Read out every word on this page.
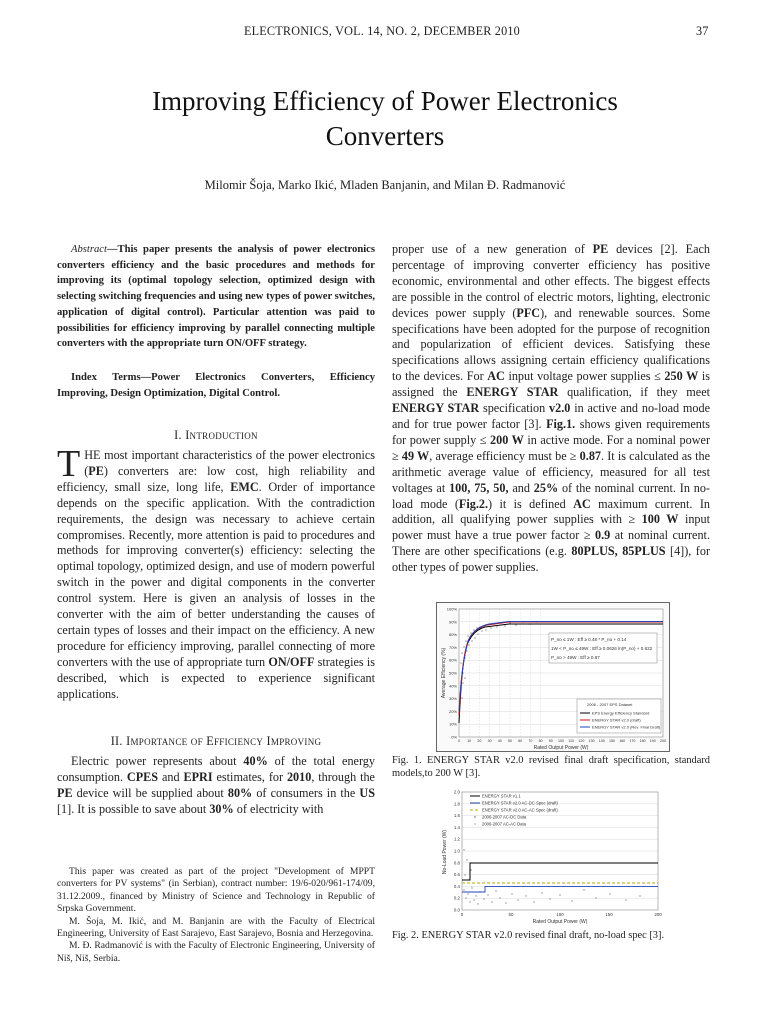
ELECTRONICS, VOL. 14, NO. 2, DECEMBER 2010	37
Improving Efficiency of Power Electronics Converters
Milomir Šoja, Marko Ikić, Mladen Banjanin, and Milan Đ. Radmanović
Abstract—This paper presents the analysis of power electronics converters efficiency and the basic procedures and methods for improving its (optimal topology selection, optimized design with selecting switching frequencies and using new types of power switches, application of digital control). Particular attention was paid to possibilities for efficiency improving by parallel connecting multiple converters with the appropriate turn ON/OFF strategy.
Index Terms—Power Electronics Converters, Efficiency Improving, Design Optimization, Digital Control.
I. Introduction
THE most important characteristics of the power electronics (PE) converters are: low cost, high reliability and efficiency, small size, long life, EMC. Order of importance depends on the specific application. With the contradiction requirements, the design was necessary to achieve certain compromises. Recently, more attention is paid to procedures and methods for improving converter(s) efficiency: selecting the optimal topology, optimized design, and use of modern powerful switch in the power and digital components in the converter control system. Here is given an analysis of losses in the converter with the aim of better understanding the causes of certain types of losses and their impact on the efficiency. A new procedure for efficiency improving, parallel connecting of more converters with the use of appropriate turn ON/OFF strategies is described, which is expected to experience significant applications.
II. Importance of Efficiency Improving
Electric power represents about 40% of the total energy consumption. CPES and EPRI estimates, for 2010, through the PE device will be supplied about 80% of consumers in the US [1]. It is possible to save about 30% of electricity with

This paper was created as part of the project "Development of MPPT converters for PV systems" (in Serbian), contract number: 19/6-020/961-174/09, 31.12.2009., financed by Ministry of Science and Technology in Republic of Srpska Government.

M. Šoja, M. Ikić, and M. Banjanin are with the Faculty of Electrical Engineering, University of East Sarajevo, East Sarajevo, Bosnia and Herzegovina.

M. Đ. Radmanović is with the Faculty of Electronic Engineering, University of Niš, Niš, Serbia.

proper use of a new generation of PE devices [2]. Each percentage of improving converter efficiency has positive economic, environmental and other effects. The biggest effects are possible in the control of electric motors, lighting, electronic devices power supply (PFC), and renewable sources. Some specifications have been adopted for the purpose of recognition and popularization of efficient devices. Satisfying these specifications allows assigning certain efficiency qualifications to the devices. For AC input voltage power supplies ≤ 250 W is assigned the ENERGY STAR qualification, if they meet ENERGY STAR specification v2.0 in active and no-load mode and for true power factor [3]. Fig.1. shows given requirements for power supply ≤ 200 W in active mode. For a nominal power ≥ 49 W, average efficiency must be ≥ 0.87. It is calculated as the arithmetic average value of efficiency, measured for all test voltages at 100, 75, 50, and 25% of the nominal current. In no-load mode (Fig.2.) it is defined AC maximum current. In addition, all qualifying power supplies with ≥ 100 W input power must have a true power factor ≥ 0.9 at nominal current. There are other specifications (e.g. 80PLUS, 85PLUS [4]), for other types of power supplies.
P_no ≤ 1W : Eff ≥ 0.48 * P_no + 0.14
1W < P_no ≤ 49W : Eff ≥ 0.0626 ln(P_no) + 0.622
P_no > 49W : Eff ≥ 0.87
2006 - 2007 EPS Dataset
EPS Energy Efficiency Standard
ENERGY STAR v2.0 (draft)
ENERGY STAR v2.0 (Rev. Final Draft)
100%
90%
80%
70%
60%
50%
40%
30%
20%
10%
0%
0 10 20 30 40 50 60 70 80 90 100 110 120 130 140 150 160 170 180 190 200
Average Efficiency (%)
Rated Output Power (W)
Fig. 1. ENERGY STAR v2.0 revised final draft specification, standard models,to 200 W [3].
ENERGY STAR v1.1
ENERGY STAR v2.0 AC-DC Spec (draft)
ENERGY STAR v2.0 AC-AC Spec (draft)
2006-2007 AC-DC Data
2006-2007 AC-AC Data
2.0
1.8
1.6
1.4
1.2
1.0
0.8
0.6
0.4
0.2
0.0
0	50	100	150	200
No-Load Power (W)
Rated Output Power (W)
Fig. 2. ENERGY STAR v2.0 revised final draft, no-load spec [3].
